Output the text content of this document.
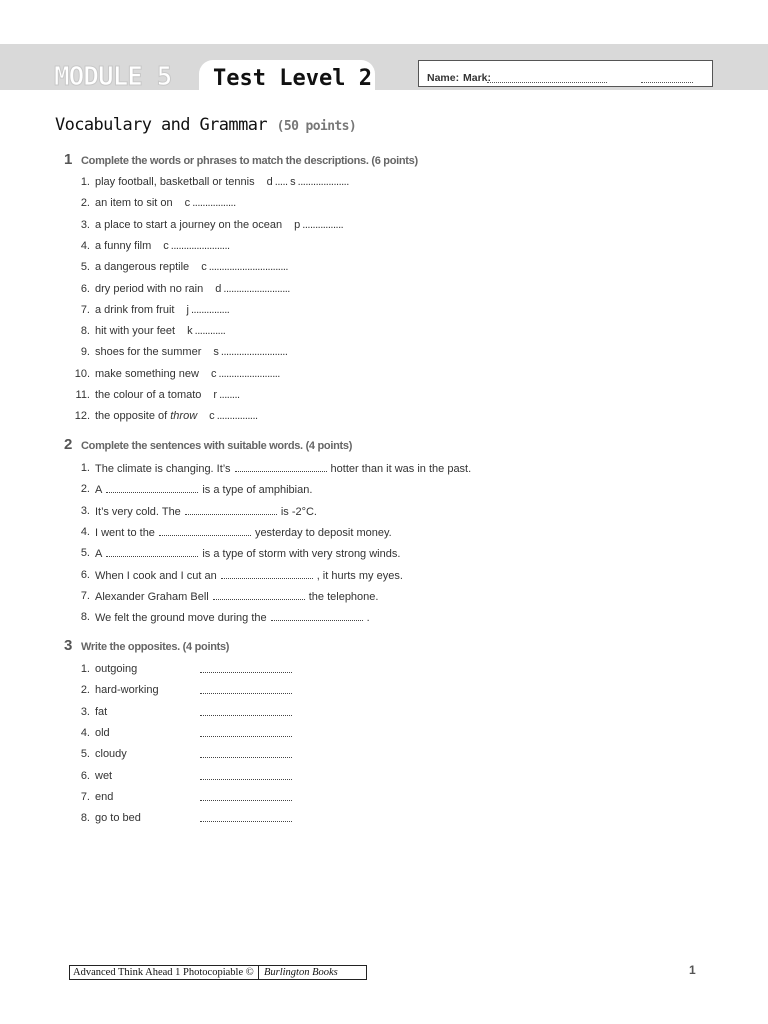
MODULE 5 Test Level 2	Name: Mark:
Vocabulary and Grammar (50 points)
1 Complete the words or phrases to match the descriptions. (6 points)
1. play football, basketball or tennis d ..... s ....................
2. an item to sit on c .................
3. a place to start a journey on the ocean p ................
4. a funny film c .......................
5. a dangerous reptile c ...............................
6. dry period with no rain d ..........................
7. a drink from fruit j ...............
8. hit with your feet k ............
9. shoes for the summer s ..........................
10. make something new c ........................
11. the colour of a tomato r ........
12. the opposite of throw c ................
2 Complete the sentences with suitable words. (4 points)
1. The climate is changing. It’s	hotter than it was in the past.
2. A	is a type of amphibian.
3. It’s very cold. The	is -2°C.
4. I went to the	yesterday to deposit money.
5. A	is a type of storm with very strong winds.
6. When I cook and I cut an	, it hurts my eyes.
7. Alexander Graham Bell	the telephone.
8. We felt the ground move during the	.
3 Write the opposites. (4 points)
1. outgoing
2. hard-working
3. fat
4. old
5. cloudy
6. wet
7. end
8. go to bed
Advanced Think Ahead 1 Photocopiable © Burlington Books	1
